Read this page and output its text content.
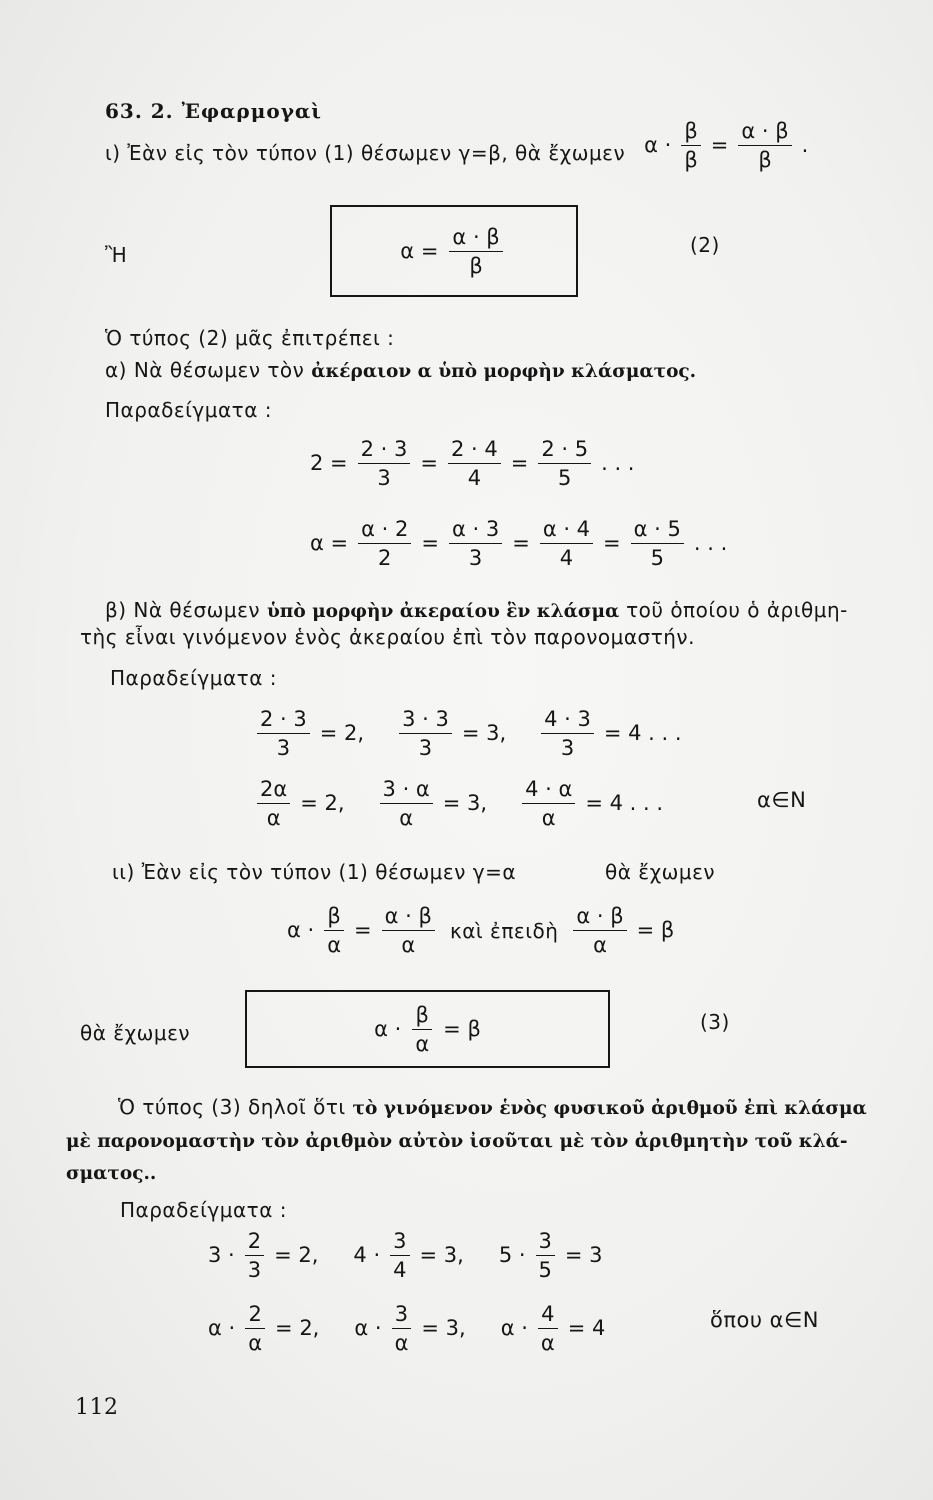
63. 2. Ἐφαρμογαὶ
ι) Ἐὰν εἰς τὸν τύπον (1) θέσωμεν γ=β, θὰ ἔχωμεν $\alpha \cdot \frac{\beta}{\beta} = \frac{\alpha \cdot \beta}{\beta}$ .
Ἢ	$\alpha = \frac{\alpha \cdot \beta}{\beta}$	(2)
Ὁ τύπος (2) μᾶς ἐπιτρέπει :
α) Νὰ θέσωμεν τὸν ἀκέραιον α ὑπὸ μορφὴν κλάσματος.
Παραδείγματα :
$2 = \frac{2 \cdot 3}{3} = \frac{2 \cdot 4}{4} = \frac{2 \cdot 5}{5}$ . . .
$\alpha = \frac{\alpha \cdot 2}{2} = \frac{\alpha \cdot 3}{3} = \frac{\alpha \cdot 4}{4} = \frac{\alpha \cdot 5}{5}$ . . .
β) Νὰ θέσωμεν ὑπὸ μορφὴν ἀκεραίου ἓν κλάσμα τοῦ ὁποίου ὁ ἀριθμη-
τὴς εἶναι γινόμενον ἑνὸς ἀκεραίου ἐπὶ τὸν παρονομαστήν.
Παραδείγματα :
$\frac{2 \cdot 3}{3} = 2$, $\frac{3 \cdot 3}{3} = 3$, $\frac{4 \cdot 3}{3} = 4$ . . .
$\frac{2\alpha}{\alpha} = 2$, $\frac{3 \cdot \alpha}{\alpha} = 3$, $\frac{4 \cdot \alpha}{\alpha} = 4$ . . .	α∈N
ιι) Ἐὰν εἰς τὸν τύπον (1) θέσωμεν γ=α	θὰ ἔχωμεν
$\alpha \cdot \frac{\beta}{\alpha} = \frac{\alpha \cdot \beta}{\alpha}$ καὶ ἐπειδὴ $\frac{\alpha \cdot \beta}{\alpha} = \beta$
θὰ ἔχωμεν	$\alpha \cdot \frac{\beta}{\alpha} = \beta$	(3)
Ὁ τύπος (3) δηλοῖ ὅτι τὸ γινόμενον ἑνὸς φυσικοῦ ἀριθμοῦ ἐπὶ κλάσμα
μὲ παρονομαστὴν τὸν ἀριθμὸν αὐτὸν ἰσοῦται μὲ τὸν ἀριθμητὴν τοῦ κλά-
σματος..
Παραδείγματα :
$3 \cdot \frac{2}{3} = 2$, $4 \cdot \frac{3}{4} = 3$, $5 \cdot \frac{3}{5} = 3$
$\alpha \cdot \frac{2}{\alpha} = 2$, $\alpha \cdot \frac{3}{\alpha} = 3$, $\alpha \cdot \frac{4}{\alpha} = 4$	ὅπου α∈N
112
